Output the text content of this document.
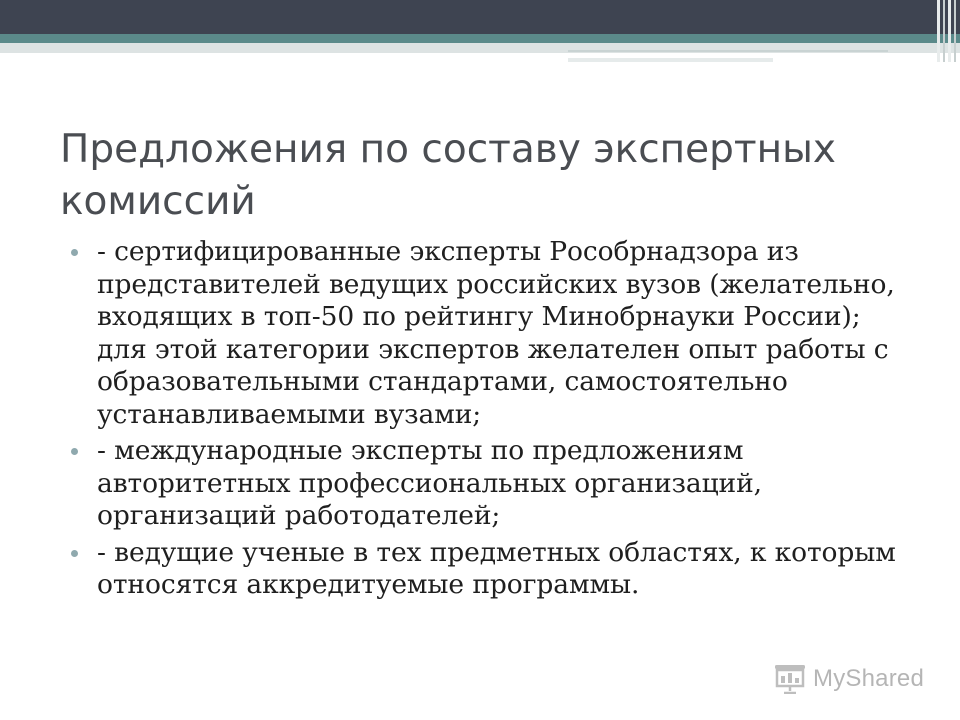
Предложения по составу экспертных комиссий
- сертифицированные эксперты Рособрнадзора из представителей ведущих российских вузов (желательно, входящих в топ-50 по рейтингу Минобрнауки России); для этой категории экспертов желателен опыт работы с образовательными стандартами, самостоятельно устанавливаемыми вузами;
- международные эксперты по предложениям авторитетных профессиональных организаций, организаций работодателей;
- ведущие ученые в тех предметных областях, к которым относятся аккредитуемые программы.
MyShared
